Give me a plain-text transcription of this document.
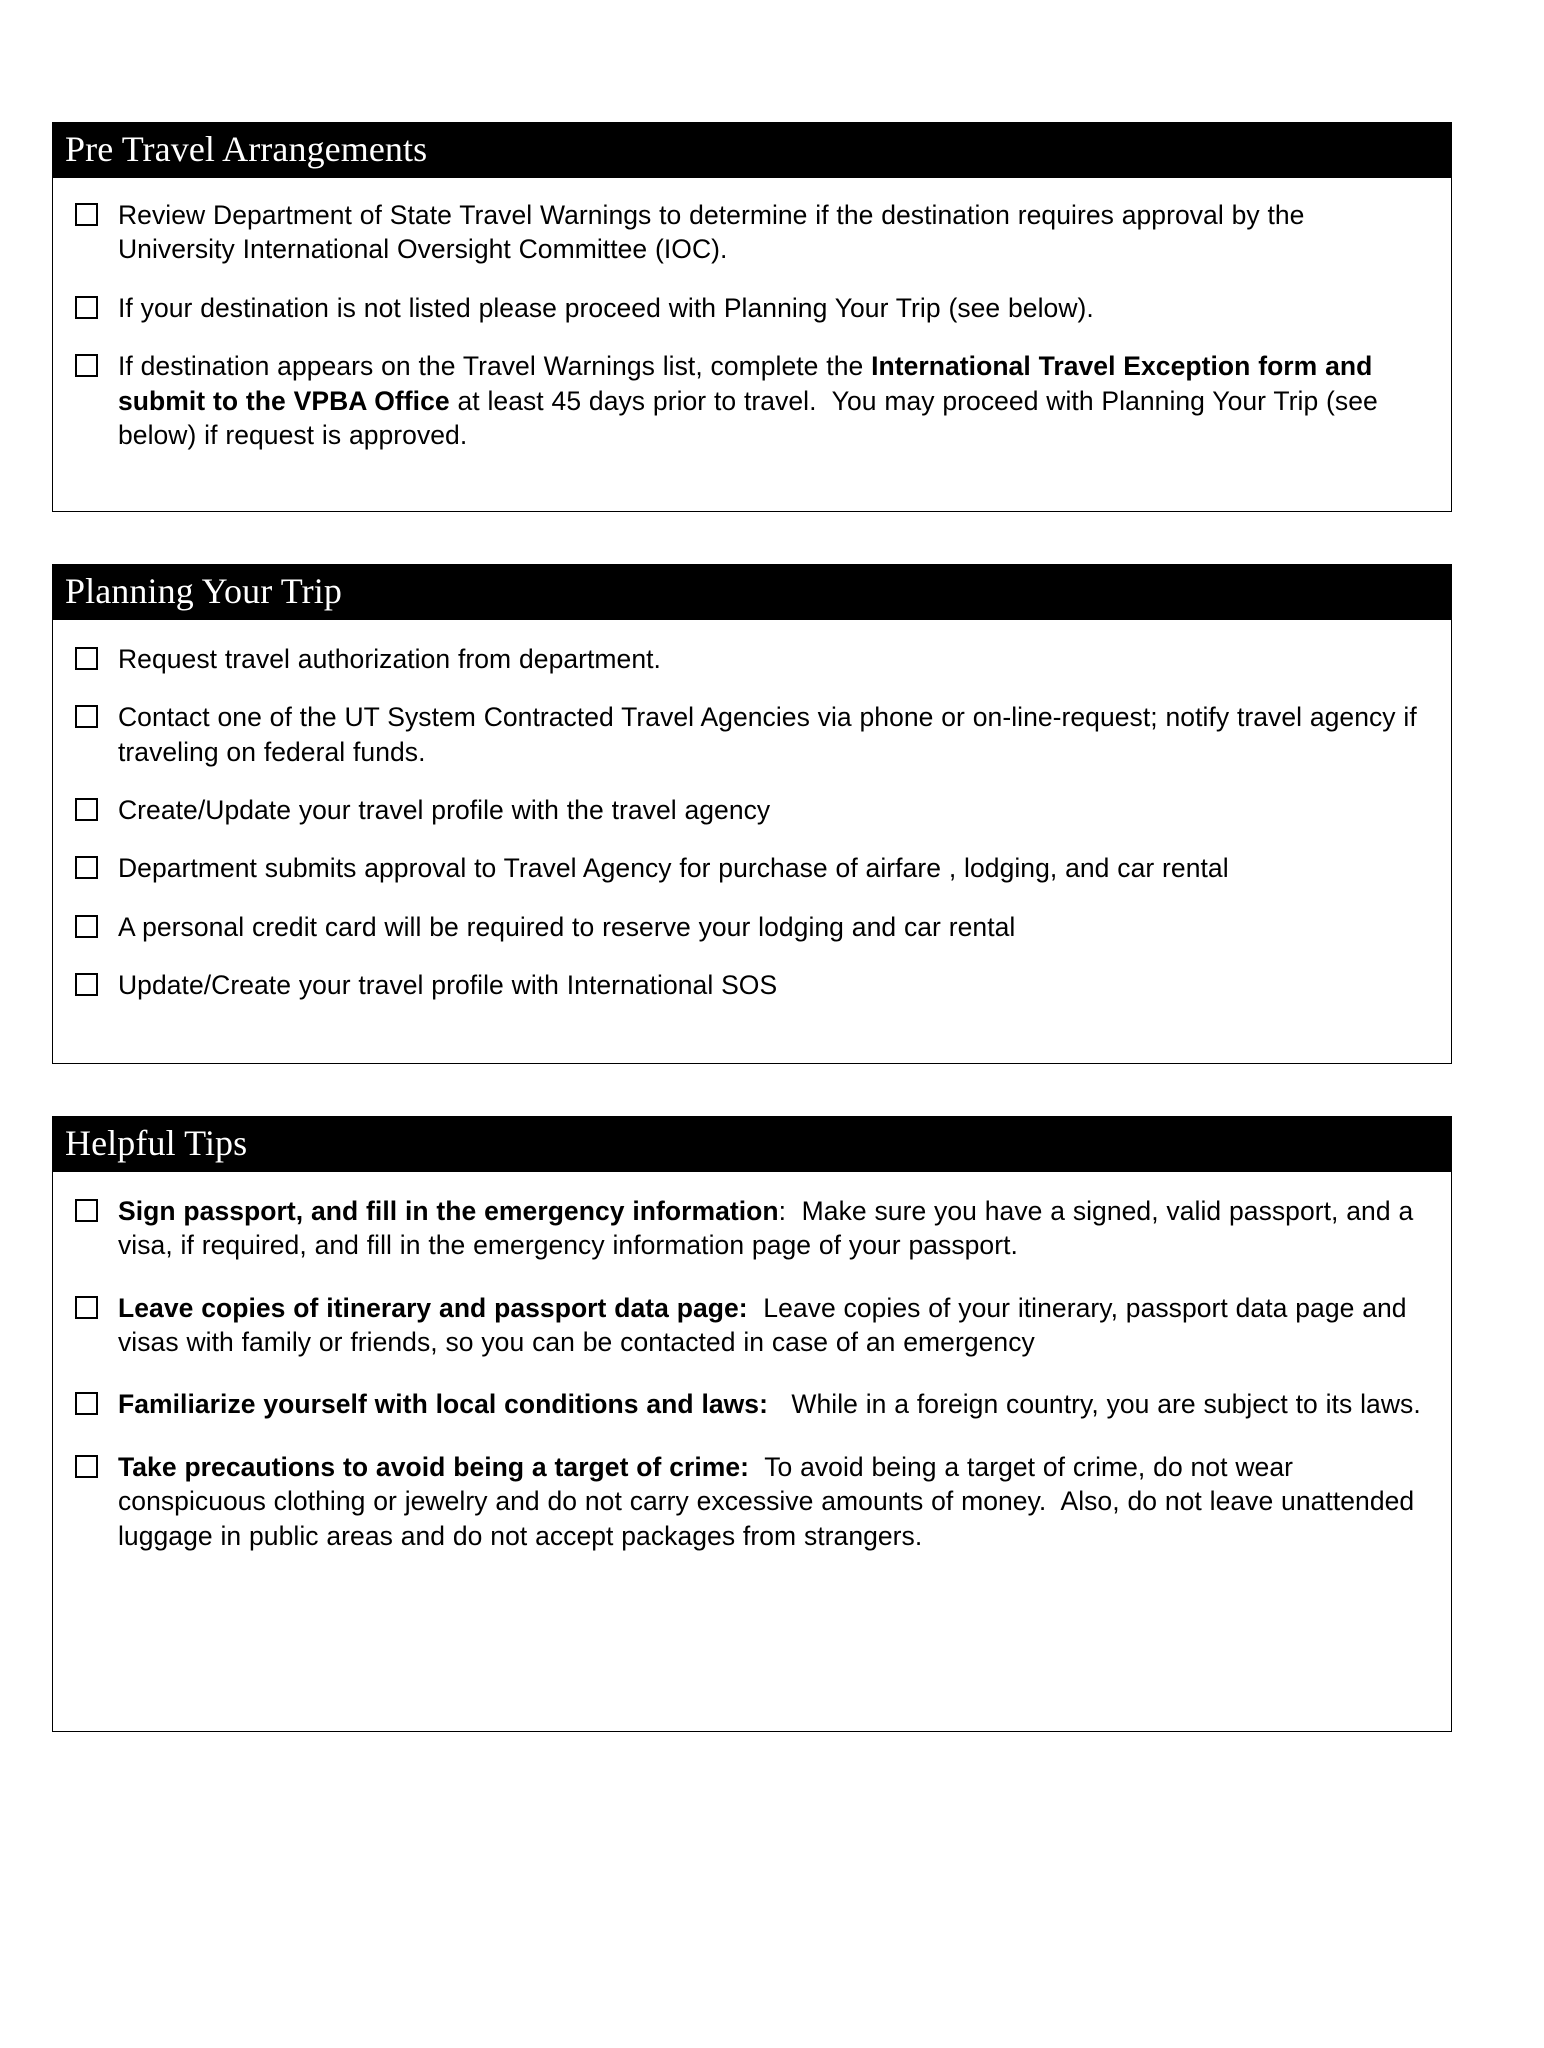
Pre Travel Arrangements
Review Department of State Travel Warnings to determine if the destination requires approval by the University International Oversight Committee (IOC).
If your destination is not listed please proceed with Planning Your Trip (see below).
If destination appears on the Travel Warnings list, complete the International Travel Exception form and submit to the VPBA Office at least 45 days prior to travel.  You may proceed with Planning Your Trip (see below) if request is approved.
Planning Your Trip
Request travel authorization from department.
Contact one of the UT System Contracted Travel Agencies via phone or on-line-request; notify travel agency if traveling on federal funds.
Create/Update your travel profile with the travel agency
Department submits approval to Travel Agency for purchase of airfare , lodging, and car rental
A personal credit card will be required to reserve your lodging and car rental
Update/Create your travel profile with International SOS
Helpful Tips
Sign passport, and fill in the emergency information:  Make sure you have a signed, valid passport, and a visa, if required, and fill in the emergency information page of your passport.
Leave copies of itinerary and passport data page:  Leave copies of your itinerary, passport data page and visas with family or friends, so you can be contacted in case of an emergency
Familiarize yourself with local conditions and laws:   While in a foreign country, you are subject to its laws.
Take precautions to avoid being a target of crime:  To avoid being a target of crime, do not wear conspicuous clothing or jewelry and do not carry excessive amounts of money.  Also, do not leave unattended luggage in public areas and do not accept packages from strangers.
